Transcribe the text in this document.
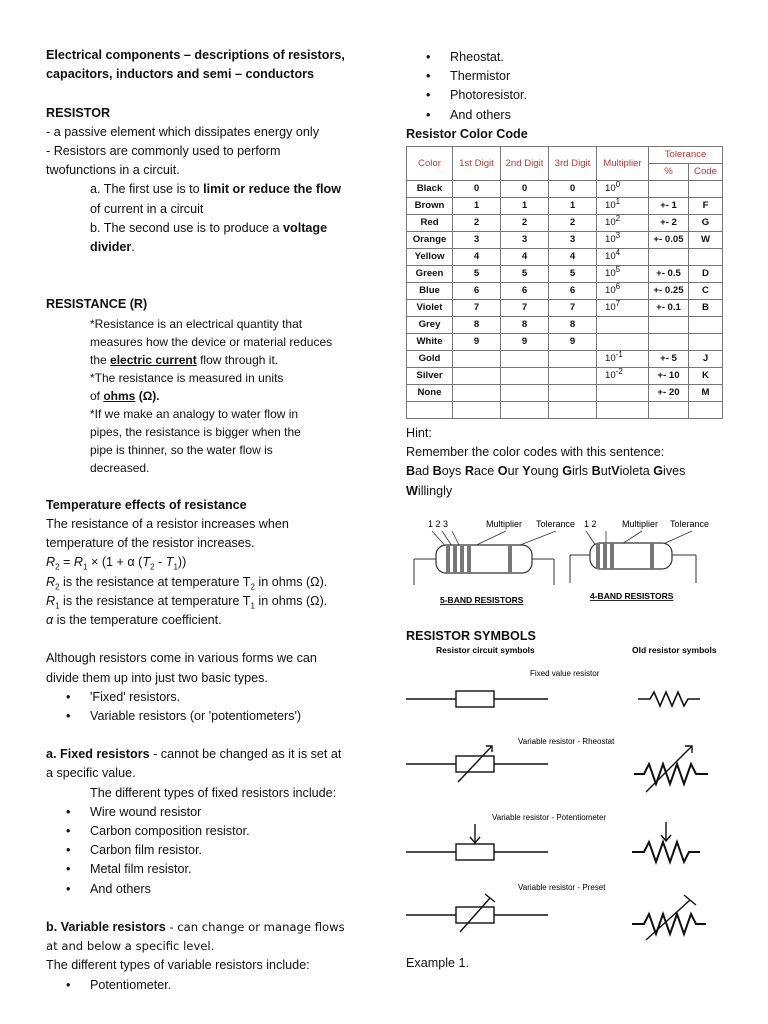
Electrical components – descriptions of resistors,
capacitors, inductors and semi – conductors
RESISTOR
- a passive element which dissipates energy only
- Resistors are commonly used to perform
twofunctions in a circuit.
a. The first use is to limit or reduce the flow
of current in a circuit
b. The second use is to produce a voltage
divider.
RESISTANCE (R)
*Resistance is an electrical quantity that
measures how the device or material reduces
the electric current flow through it.
*The resistance is measured in units
of ohms (Ω).
*If we make an analogy to water flow in
pipes, the resistance is bigger when the
pipe is thinner, so the water flow is
decreased.
Temperature effects of resistance
The resistance of a resistor increases when
temperature of the resistor increases.
$R_2 = R_1 \times (1 + \alpha$ $(T_2 - T_1)$)
$R_2$ is the resistance at temperature $T_2$ in ohms (Ω).
$R_1$ is the resistance at temperature $T_1$ in ohms (Ω).
α is the temperature coefficient.
Although resistors come in various forms we can
divide them up into just two basic types.
• 'Fixed' resistors.
• Variable resistors (or 'potentiometers')
a. Fixed resistors - cannot be changed as it is set at
a specific value.
The different types of fixed resistors include:
• Wire wound resistor
• Carbon composition resistor.
• Carbon film resistor.
• Metal film resistor.
• And others
b. Variable resistors - can change or manage flows
at and below a specific level.
The different types of variable resistors include:
• Potentiometer.
• Rheostat.
• Thermistor
• Photoresistor.
• And others
Resistor Color Code
Color	1st Digit	2nd Digit	3rd Digit	Multiplier	Tolerance	
					%	Code
Black	0	0	0	$10^0$		
Brown	1	1	1	$10^1$	+- 1	F
Red	2	2	2	$10^2$	+- 2	G
Orange	3	3	3	$10^3$	+- 0.05	W
Yellow	4	4	4	$10^4$		
Green	5	5	5	$10^5$	+- 0.5	D
Blue	6	6	6	$10^6$	+- 0.25	C
Violet	7	7	7	$10^7$	+- 0.1	B
Grey	8	8	8			
White	9	9	9			
Gold				$10^{-1}$	+- 5	J
Silver				$10^{-2}$	+- 10	K
None					+- 20	M

Hint:
Remember the color codes with this sentence:
Bad Boys Race Our Young Girls ButVioleta Gives
Willingly
1 2 3	Multiplier Tolerance
5-BAND RESISTORS
1 2	Multiplier Tolerance
4-BAND RESISTORS
RESISTOR SYMBOLS
Resistor circuit symbols	Old resistor symbols
Fixed value resistor
Variable resistor - Rheostat
Variable resistor - Potentiometer
Variable resistor - Preset
Example 1.
